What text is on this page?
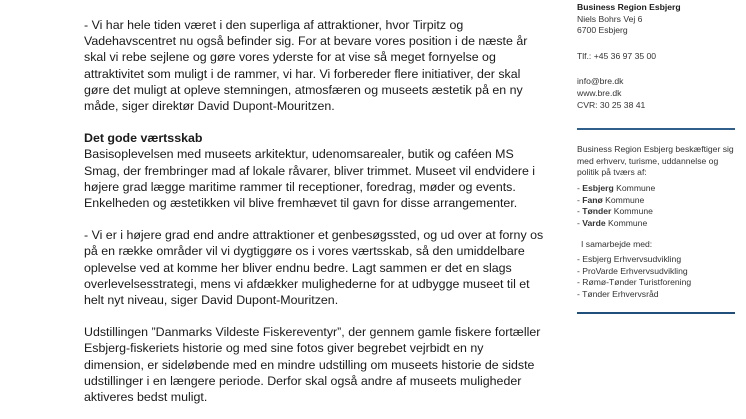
- Vi har hele tiden været i den superliga af attraktioner, hvor Tirpitz og Vadehavscentret nu også befinder sig. For at bevare vores position i de næste år skal vi rebe sejlene og gøre vores yderste for at vise så meget fornyelse og attraktivitet som muligt i de rammer, vi har. Vi forbereder flere initiativer, der skal gøre det muligt at opleve stemningen, atmosfæren og museets æstetik på en ny måde, siger direktør David Dupont-Mouritzen.

Det gode værtsskab

Basisoplevelsen med museets arkitektur, udenomsarealer, butik og caféen MS Smag, der frembringer mad af lokale råvarer, bliver trimmet. Museet vil endvidere i højere grad lægge maritime rammer til receptioner, foredrag, møder og events. Enkelheden og æstetikken vil blive fremhævet til gavn for disse arrangementer.

- Vi er i højere grad end andre attraktioner et genbesøgssted, og ud over at forny os på en række områder vil vi dygtiggøre os i vores værtsskab, så den umiddelbare oplevelse ved at komme her bliver endnu bedre. Lagt sammen er det en slags overlevelsesstrategi, mens vi afdækker mulighederne for at udbygge museet til et helt nyt niveau, siger David Dupont-Mouritzen.

Udstillingen ”Danmarks Vildeste Fiskereventyr”, der gennem gamle fiskere fortæller Esbjerg-fiskeriets historie og med sine fotos giver begrebet vejrbidt en ny dimension, er sideløbende med en mindre udstilling om museets historie de sidste udstillinger i en længere periode. Derfor skal også andre af museets muligheder aktiveres bedst muligt.

Business Region Esbjerg
Niels Bohrs Vej 6
6700 Esbjerg
Tlf.: +45 36 97 35 00
info@bre.dk
www.bre.dk
CVR: 30 25 38 41
Business Region Esbjerg beskæftiger sig med erhverv, turisme, uddannelse og politik på tværs af:
- Esbjerg Kommune
- Fanø Kommune
- Tønder Kommune
- Varde Kommune
I samarbejde med:
- Esbjerg Erhvervsudvikling
- ProVarde Erhvervsudvikling
- Rømø-Tønder Turistforening
- Tønder Erhvervsråd
